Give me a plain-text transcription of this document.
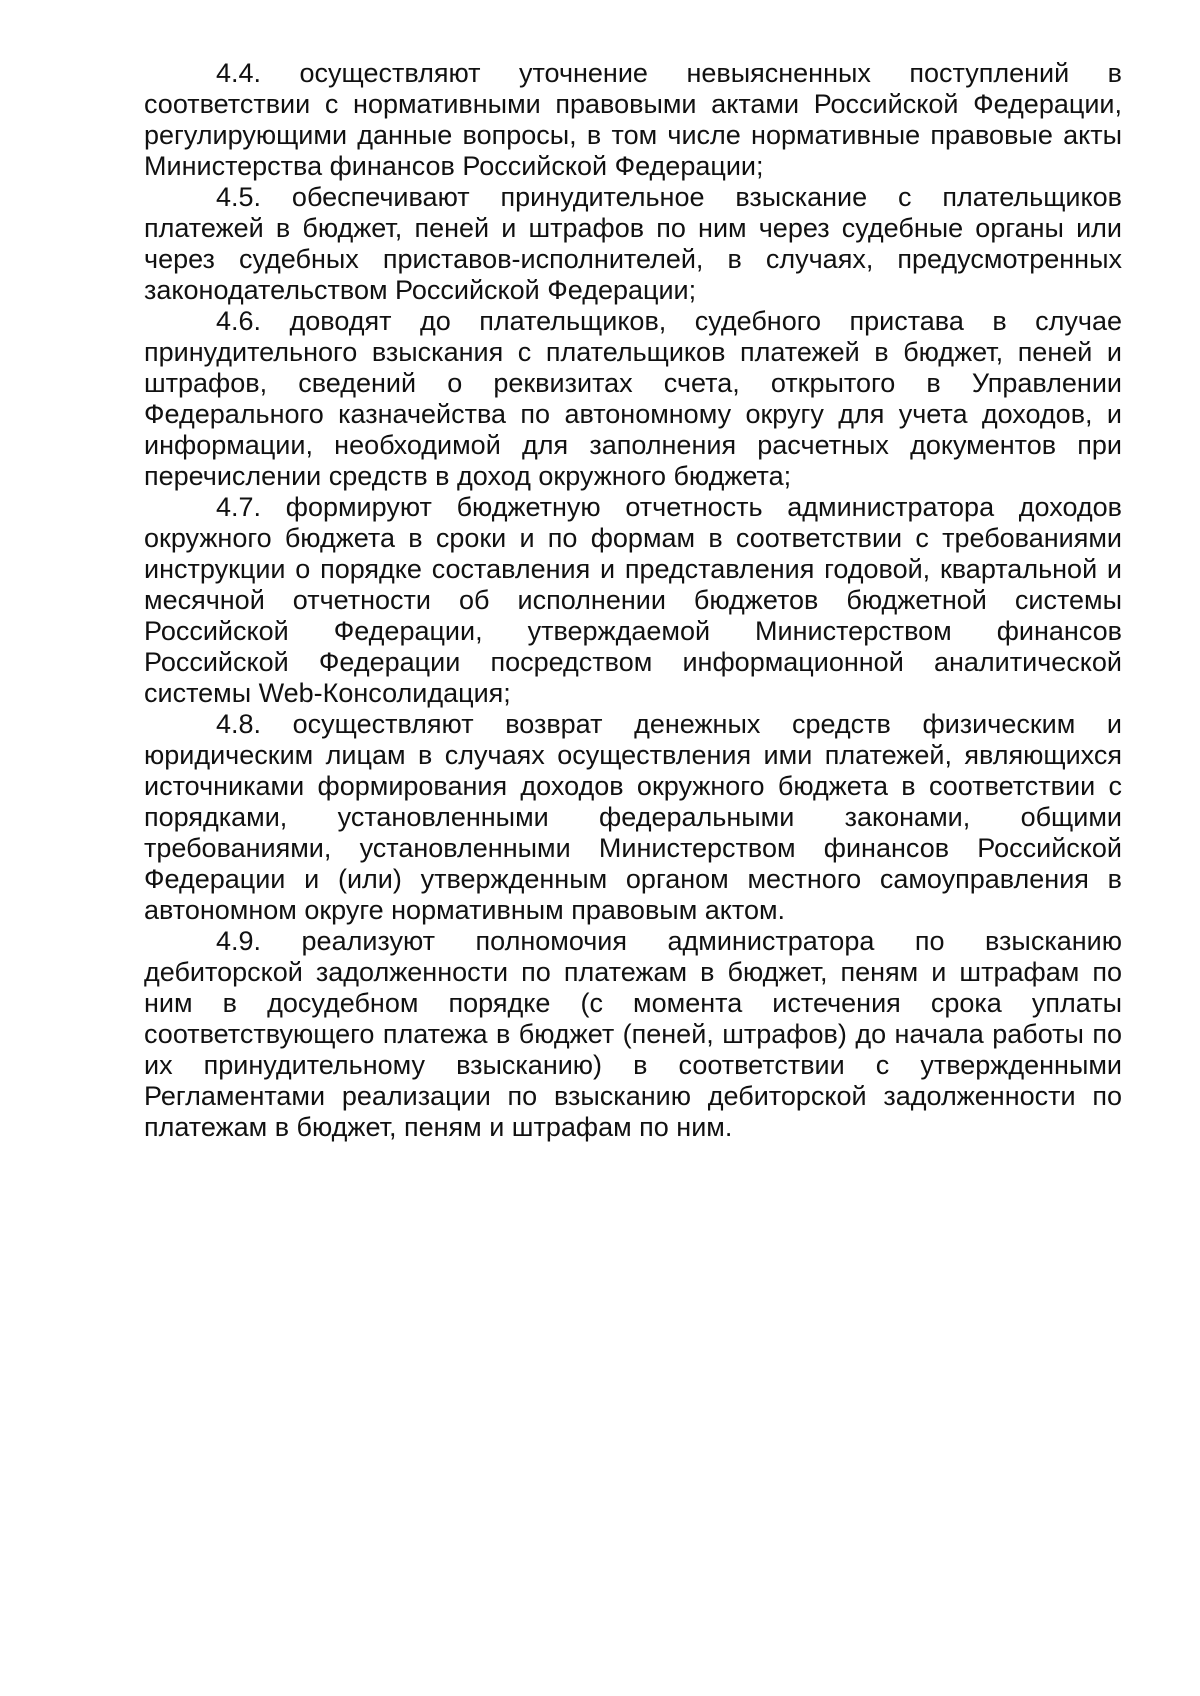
4.4. осуществляют уточнение невыясненных поступлений в соответствии с нормативными правовыми актами Российской Федерации, регулирующими данные вопросы, в том числе нормативные правовые акты Министерства финансов Российской Федерации;

4.5. обеспечивают принудительное взыскание с плательщиков платежей в бюджет, пеней и штрафов по ним через судебные органы или через судебных приставов-исполнителей, в случаях, предусмотренных законодательством Российской Федерации;

4.6. доводят до плательщиков, судебного пристава в случае принудительного взыскания с плательщиков платежей в бюджет, пеней и штрафов, сведений о реквизитах счета, открытого в Управлении Федерального казначейства по автономному округу для учета доходов, и информации, необходимой для заполнения расчетных документов при перечислении средств в доход окружного бюджета;

4.7. формируют бюджетную отчетность администратора доходов окружного бюджета в сроки и по формам в соответствии с требованиями инструкции о порядке составления и представления годовой, квартальной и месячной отчетности об исполнении бюджетов бюджетной системы Российской Федерации, утверждаемой Министерством финансов Российской Федерации посредством информационной аналитической системы Web-Консолидация;

4.8. осуществляют возврат денежных средств физическим и юридическим лицам в случаях осуществления ими платежей, являющихся источниками формирования доходов окружного бюджета в соответствии с порядками, установленными федеральными законами, общими требованиями, установленными Министерством финансов Российской Федерации и (или) утвержденным органом местного самоуправления в автономном округе нормативным правовым актом.

4.9. реализуют полномочия администратора по взысканию дебиторской задолженности по платежам в бюджет, пеням и штрафам по ним в досудебном порядке (с момента истечения срока уплаты соответствующего платежа в бюджет (пеней, штрафов) до начала работы по их принудительному взысканию) в соответствии с утвержденными Регламентами реализации по взысканию дебиторской задолженности по платежам в бюджет, пеням и штрафам по ним.
